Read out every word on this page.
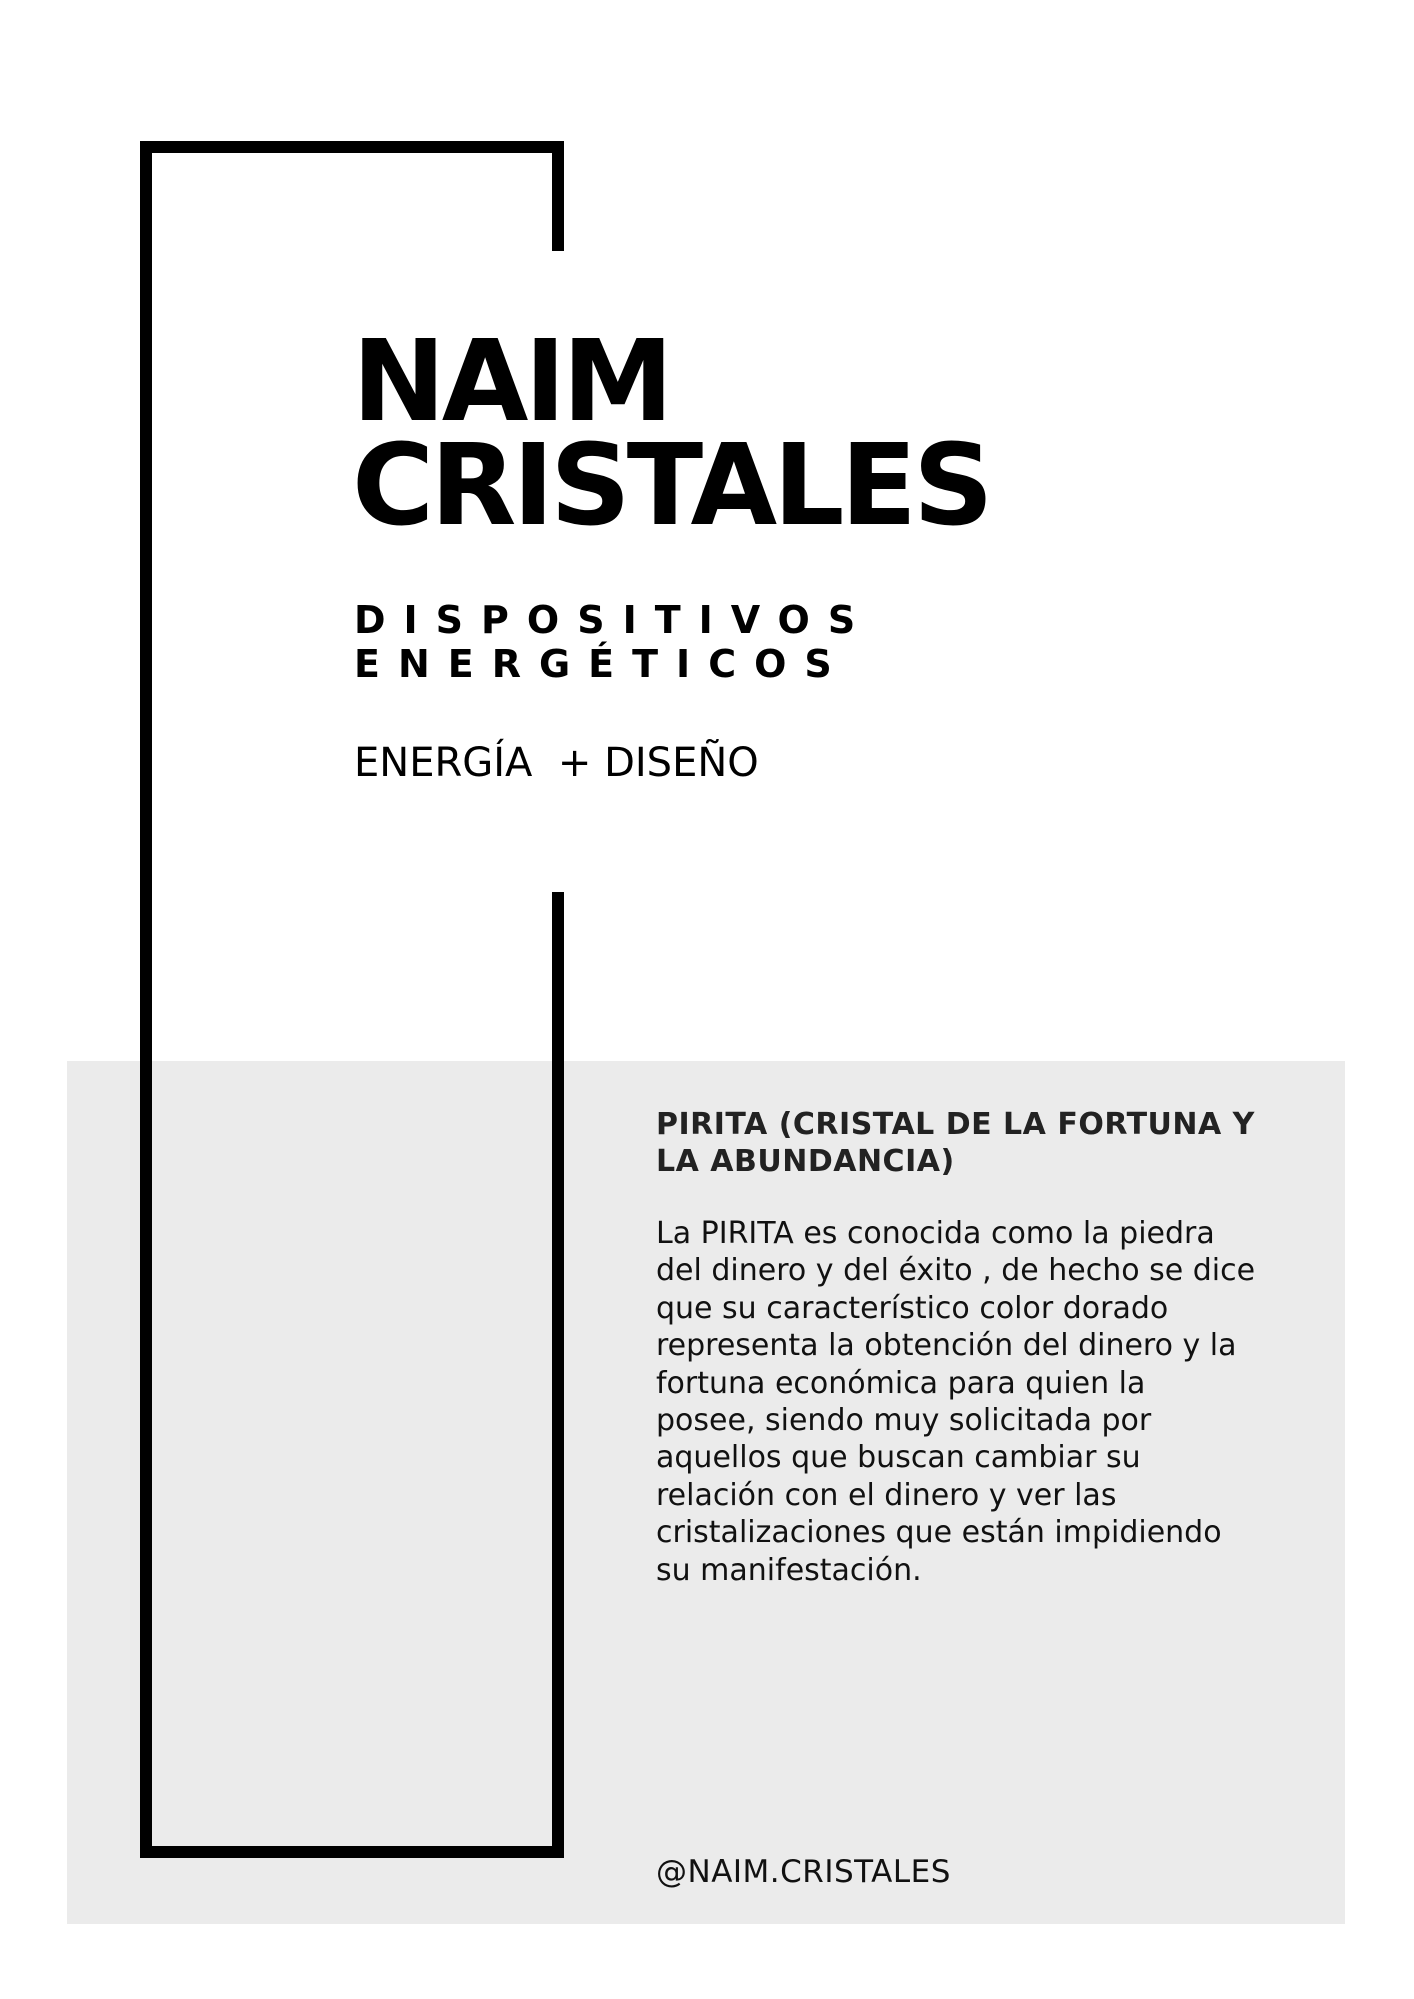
NAIM
CRISTALES
DISPOSITIVOS
ENERGÉTICOS

ENERGÍA  + DISEÑO

PIRITA (CRISTAL DE LA FORTUNA Y
LA ABUNDANCIA)

La PIRITA es conocida como la piedra
del dinero y del éxito , de hecho se dice
que su característico color dorado
representa la obtención del dinero y la
fortuna económica para quien la
posee, siendo muy solicitada por
aquellos que buscan cambiar su
relación con el dinero y ver las
cristalizaciones que están impidiendo
su manifestación.

@NAIM.CRISTALES
